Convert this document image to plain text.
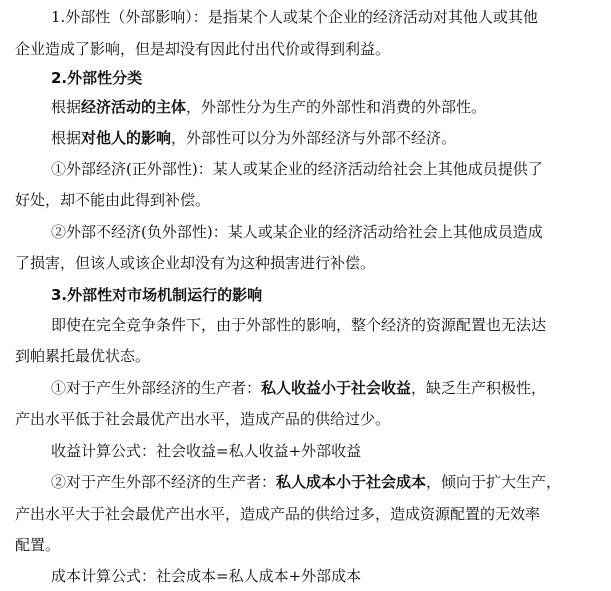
1.外部性（外部影响）：是指某个人或某个企业的经济活动对其他人或其他
企业造成了影响，但是却没有因此付出代价或得到利益。
2.外部性分类
根据经济活动的主体，外部性分为生产的外部性和消费的外部性。
根据对他人的影响，外部性可以分为外部经济与外部不经济。
①外部经济(正外部性)：某人或某企业的经济活动给社会上其他成员提供了
好处，却不能由此得到补偿。
②外部不经济(负外部性)：某人或某企业的经济活动给社会上其他成员造成
了损害，但该人或该企业却没有为这种损害进行补偿。
3.外部性对市场机制运行的影响
即使在完全竞争条件下，由于外部性的影响，整个经济的资源配置也无法达
到帕累托最优状态。
①对于产生外部经济的生产者：私人收益小于社会收益，缺乏生产积极性，
产出水平低于社会最优产出水平，造成产品的供给过少。
收益计算公式：社会收益=私人收益+外部收益
②对于产生外部不经济的生产者：私人成本小于社会成本，倾向于扩大生产，
产出水平大于社会最优产出水平，造成产品的供给过多，造成资源配置的无效率
配置。
成本计算公式：社会成本=私人成本+外部成本
